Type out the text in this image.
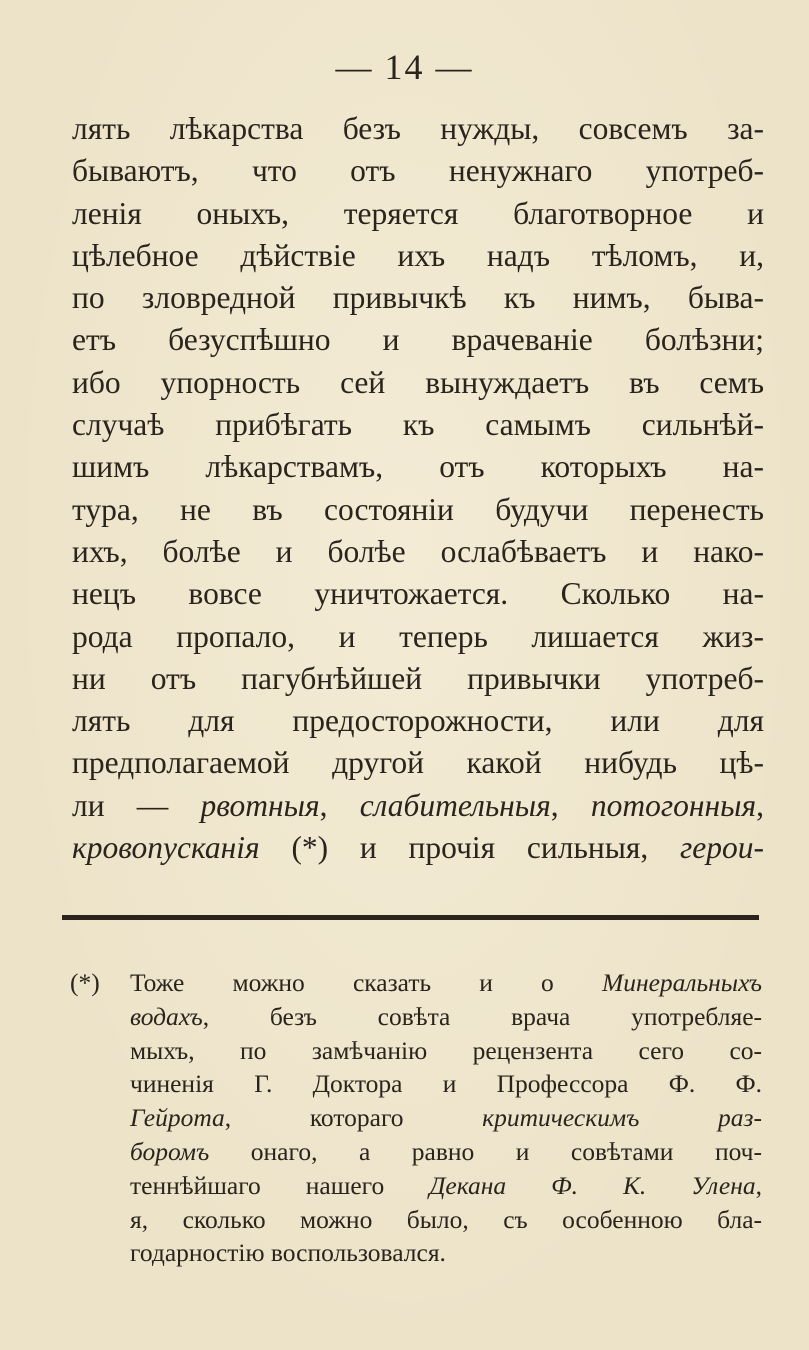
— 14 —
лять лѣкарства безъ нужды, совсемъ за-
бываютъ, что отъ ненужнаго употреб-
ленія оныхъ, теряется благотворное и
цѣлебное дѣйствіе ихъ надъ тѣломъ, и,
по зловредной привычкѣ къ нимъ, быва-
етъ безуспѣшно и врачеваніе болѣзни;
ибо упорность сей вынуждаетъ въ семъ
случаѣ прибѣгать къ самымъ сильнѣй-
шимъ лѣкарствамъ, отъ которыхъ на-
тура, не въ состояніи будучи перенесть
ихъ, болѣе и болѣе ослабѣваетъ и нако-
нецъ вовсе уничтожается. Сколько на-
рода пропало, и теперь лишается жиз-
ни отъ пагубнѣйшей привычки употреб-
лять для предосторожности, или для
предполагаемой другой какой нибудь цѣ-
ли — рвотныя, слабительныя, потогонныя,
кровопусканія (*) и прочія сильныя, герои-
(*) Тоже можно сказать и о Минеральныхъ
водахъ, безъ совѣта врача употребляе-
мыхъ, по замѣчанію рецензента сего со-
чиненія Г. Доктора и Профессора Ф. Ф.
Гейрота, котораго критическимъ раз-
боромъ онаго, а равно и совѣтами поч-
теннѣйшаго нашего Декана Ф. К. Улена,
я, сколько можно было, съ особенною бла-
годарностію воспользовался.
